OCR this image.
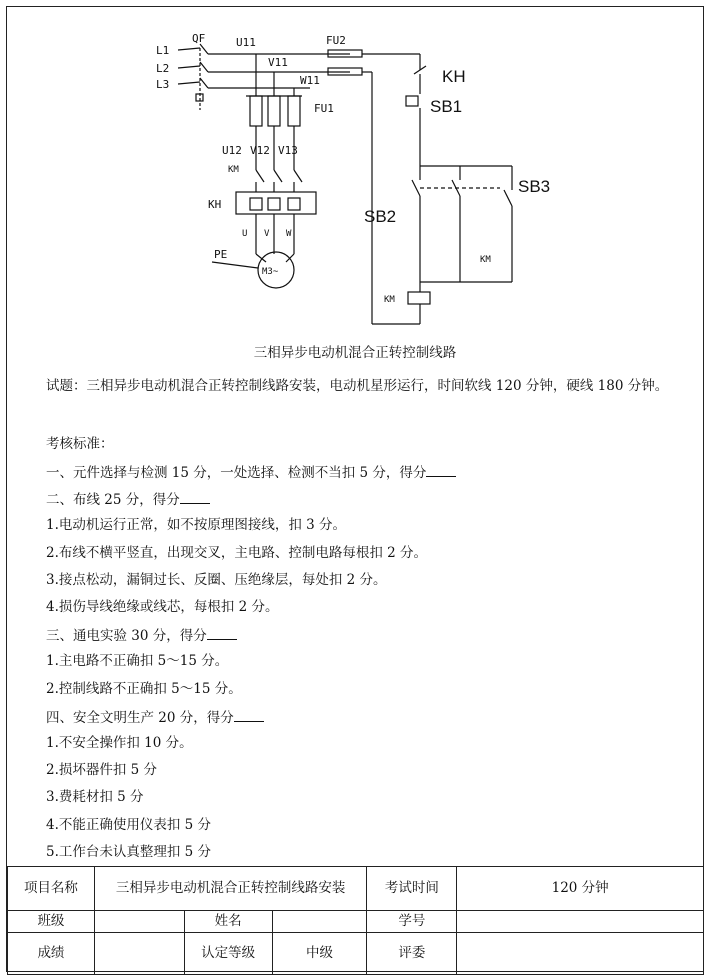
L1
L2
L3
QF	U11
V11
W11
FU1
FU2
U12 V12 V13
KM
KH
U V W
PE
M3~
KM
KM
KH
SB1
SB2
SB3
三相异步电动机混合正转控制线路
试题：三相异步电动机混合正转控制线路安装，电动机星形运行，时间软线 120 分钟，硬线 180 分钟。
考核标准：
一、元件选择与检测 15 分，一处选择、检测不当扣 5 分，得分
二、布线 25 分，得分
1.电动机运行正常，如不按原理图接线，扣 3 分。
2.布线不横平竖直，出现交叉，主电路、控制电路每根扣 2 分。
3.接点松动，漏铜过长、反圈、压绝缘层，每处扣 2 分。
4.损伤导线绝缘或线芯，每根扣 2 分。
三、通电实验 30 分，得分
1.主电路不正确扣 5～15 分。
2.控制线路不正确扣 5～15 分。
四、安全文明生产 20 分，得分
1.不安全操作扣 10 分。
2.损坏器件扣 5 分
3.费耗材扣 5 分
4.不能正确使用仪表扣 5 分
5.工作台未认真整理扣 5 分
项目名称	三相异步电动机混合正转控制线路安装			考试时间	120 分钟
班级		姓名		学号	
成绩		认定等级	中级	评委	
